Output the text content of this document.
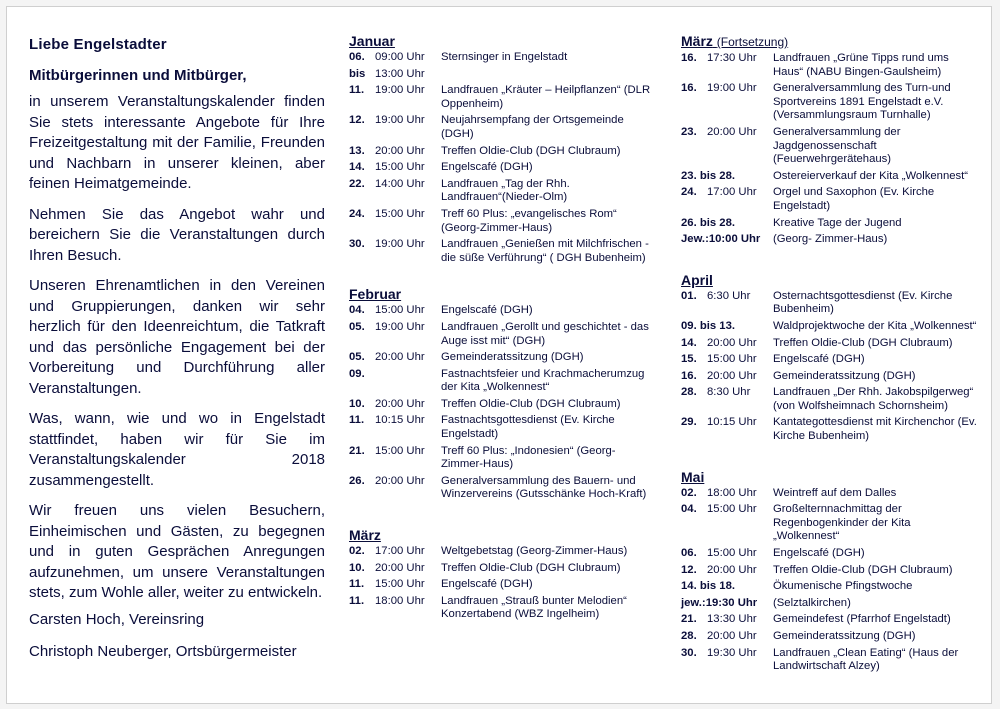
Liebe Engelstadter
Mitbürgerinnen und Mitbürger,

in unserem Veranstaltungskalender finden Sie stets interessante Angebote für Ihre Freizeitgestaltung mit der Familie, Freunden und Nachbarn in unserer kleinen, aber feinen Heimatgemeinde.

Nehmen Sie das Angebot wahr und bereichern Sie die Veranstaltungen durch Ihren Besuch.

Unseren Ehrenamtlichen in den Vereinen und Gruppierungen, danken wir sehr herzlich für den Ideenreichtum, die Tatkraft und das persönliche Engagement bei der Vorbereitung und Durchführung aller Veranstaltungen.

Was, wann, wie und wo in Engelstadt stattfindet, haben wir für Sie im Veranstaltungskalender 2018 zusammengestellt.

Wir freuen uns vielen Besuchern, Einheimischen und Gästen, zu begegnen und in guten Gesprächen Anregungen aufzunehmen, um unsere Veranstaltungen stets, zum Wohle aller, weiter zu entwickeln.

Carsten Hoch, Vereinsring
Christoph Neuberger, Ortsbürgermeister
Januar
06. 09:00 Uhr	Sternsinger in Engelstadt
bis 13:00 Uhr
11. 19:00 Uhr	Landfrauen „Kräuter – Heilpflanzen“ (DLR Oppenheim)
12. 19:00 Uhr	Neujahrsempfang der Ortsgemeinde (DGH)
13. 20:00 Uhr	Treffen Oldie-Club (DGH Clubraum)
14. 15:00 Uhr	Engelscafé (DGH)
22. 14:00 Uhr	Landfrauen „Tag der Rhh. Landfrauen“(Nieder-Olm)
24. 15:00 Uhr	Treff 60 Plus: „evangelisches Rom“ (Georg-Zimmer-Haus)
30. 19:00 Uhr	Landfrauen „Genießen mit Milchfrischen - die süße Verführung“ ( DGH Bubenheim)
Februar
04. 15:00 Uhr	Engelscafé (DGH)
05. 19:00 Uhr	Landfrauen „Gerollt und geschichtet - das Auge isst mit“ (DGH)
05. 20:00 Uhr	Gemeinderatssitzung (DGH)
09.	Fastnachtsfeier und Krachmacherumzug der Kita „Wolkennest“
10. 20:00 Uhr	Treffen Oldie-Club (DGH Clubraum)
11. 10:15 Uhr	Fastnachtsgottesdienst (Ev. Kirche Engelstadt)
21. 15:00 Uhr	Treff 60 Plus: „Indonesien“ (Georg-Zimmer-Haus)
26. 20:00 Uhr	Generalversammlung des Bauern- und Winzervereins (Gutsschänke Hoch-Kraft)
März
02. 17:00 Uhr	Weltgebetstag (Georg-Zimmer-Haus)
10. 20:00 Uhr	Treffen Oldie-Club (DGH Clubraum)
11. 15:00 Uhr	Engelscafé (DGH)
11. 18:00 Uhr	Landfrauen „Strauß bunter Melodien“ Konzertabend (WBZ Ingelheim)
März (Fortsetzung)
16. 17:30 Uhr	Landfrauen „Grüne Tipps rund ums Haus“ (NABU Bingen-Gaulsheim)
16. 19:00 Uhr	Generalversammlung des Turn-und Sportvereins 1891 Engelstadt e.V. (Versammlungsraum Turnhalle)
23. 20:00 Uhr	Generalversammlung der Jagdgenossenschaft (Feuerwehrgerätehaus)
23. bis 28.	Ostereierverkauf der Kita „Wolkennest“
24. 17:00 Uhr	Orgel und Saxophon (Ev. Kirche Engelstadt)
26. bis 28.	Kreative Tage der Jugend
Jew.:10:00 Uhr	(Georg- Zimmer-Haus)
April
01. 6:30 Uhr	Osternachtsgottesdienst (Ev. Kirche Bubenheim)
09. bis 13.	Waldprojektwoche der Kita „Wolkennest“
14. 20:00 Uhr	Treffen Oldie-Club (DGH Clubraum)
15. 15:00 Uhr	Engelscafé (DGH)
16. 20:00 Uhr	Gemeinderatssitzung (DGH)
28. 8:30 Uhr	Landfrauen „Der Rhh. Jakobspilgerweg“ (von Wolfsheimnach Schornsheim)
29. 10:15 Uhr	Kantategottesdienst mit Kirchenchor (Ev. Kirche Bubenheim)
Mai
02. 18:00 Uhr	Weintreff auf dem Dalles
04. 15:00 Uhr	Großelternnachmittag der Regenbogenkinder der Kita „Wolkennest“
06. 15:00 Uhr	Engelscafé (DGH)
12. 20:00 Uhr	Treffen Oldie-Club (DGH Clubraum)
14. bis 18.	Ökumenische Pfingstwoche
jew.:19:30 Uhr	(Selztalkirchen)
21. 13:30 Uhr	Gemeindefest (Pfarrhof Engelstadt)
28. 20:00 Uhr	Gemeinderatssitzung (DGH)
30. 19:30 Uhr	Landfrauen „Clean Eating“ (Haus der Landwirtschaft Alzey)
